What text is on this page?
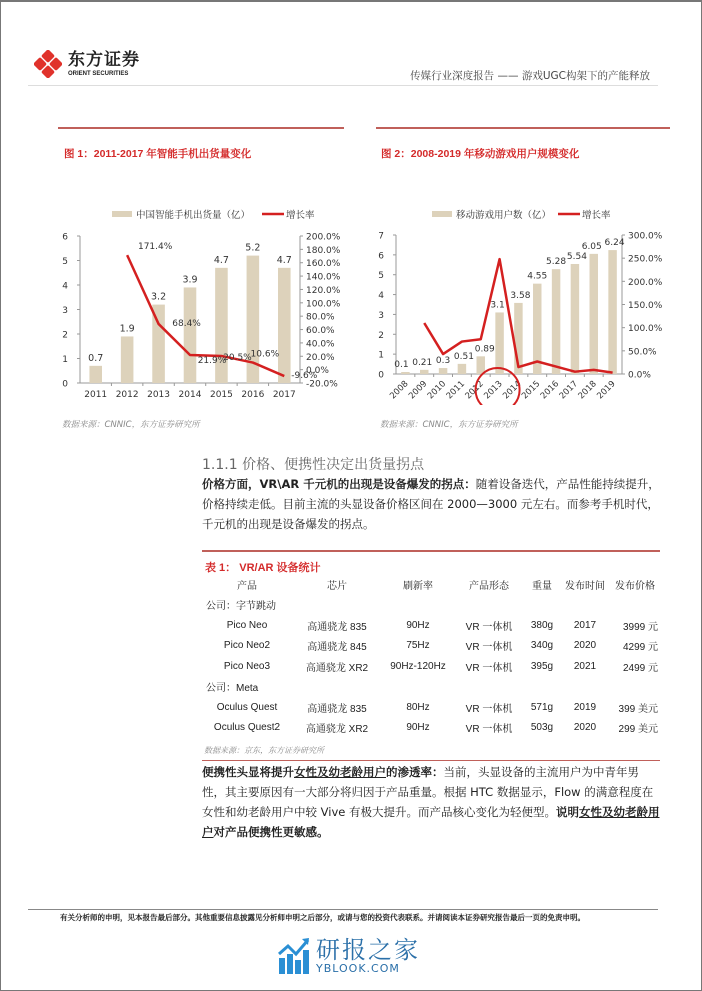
东方证券
ORIENT SECURITIES	传媒行业深度报告 —— 游戏UGC构架下的产能释放
图 1：2011-2017 年智能手机出货量变化	图 2：2008-2019 年移动游戏用户规模变化
中国智能手机出货量（亿）	增长率
0
1
2
3
4
5
6
-20.0%
0.0%
20.0%
40.0%
60.0%
80.0%
100.0%
120.0%
140.0%
160.0%
180.0%
200.0%
0.7
2011
1.9
2012
3.2
2013
3.9
2014
4.7
2015
5.2
2016
4.7
2017
171.4%
68.4%
21.9%
20.5%
10.6%
-9.6%
移动游戏用户数（亿）	增长率
0
1
2
3
4
5
6
7
0.0%
50.0%
100.0%
150.0%
200.0%
250.0%
300.0%
0.1
2008
0.21
2009
0.3
2010
0.51
2011
0.89
2012
3.1
2013
3.58
2014
4.55
2015
5.28
2016
5.54
2017
6.05
2018
6.24
2019
数据来源：CNNIC，东方证券研究所	数据来源：CNNIC，东方证券研究所
1.1.1 价格、便携性决定出货量拐点
价格方面，VR\AR 千元机的出现是设备爆发的拐点：随着设备迭代，产品性能持续提升，价格持续走低。目前主流的头显设备价格区间在 2000—3000 元左右。而参考手机时代，千元机的出现是设备爆发的拐点。
表 1： VR/AR 设备统计
产品	芯片	刷新率	产品形态	重量	发布时间	发布价格
公司：字节跳动						
Pico Neo	高通骁龙 835	90Hz	VR 一体机	380g	2017	3999 元
Pico Neo2	高通骁龙 845	75Hz	VR 一体机	340g	2020	4299 元
Pico Neo3	高通骁龙 XR2	90Hz-120Hz	VR 一体机	395g	2021	2499 元
公司：Meta						
Oculus Quest	高通骁龙 835	80Hz	VR 一体机	571g	2019	399 美元
Oculus Quest2	高通骁龙 XR2	90Hz	VR 一体机	503g	2020	299 美元
数据来源：京东，东方证券研究所
便携性头显将提升女性及幼老龄用户的渗透率：当前，头显设备的主流用户为中青年男性，其主要原因有一大部分将归因于产品重量。根据 HTC 数据显示，Flow 的满意程度在女性和幼老龄用户中较 Vive 有极大提升。而产品核心变化为轻便型。说明女性及幼老龄用户对产品便携性更敏感。
有关分析师的申明，见本报告最后部分。其他重要信息披露见分析师申明之后部分，或请与您的投资代表联系。并请阅读本证券研究报告最后一页的免责申明。
研报之家
YBLOOK.COM
